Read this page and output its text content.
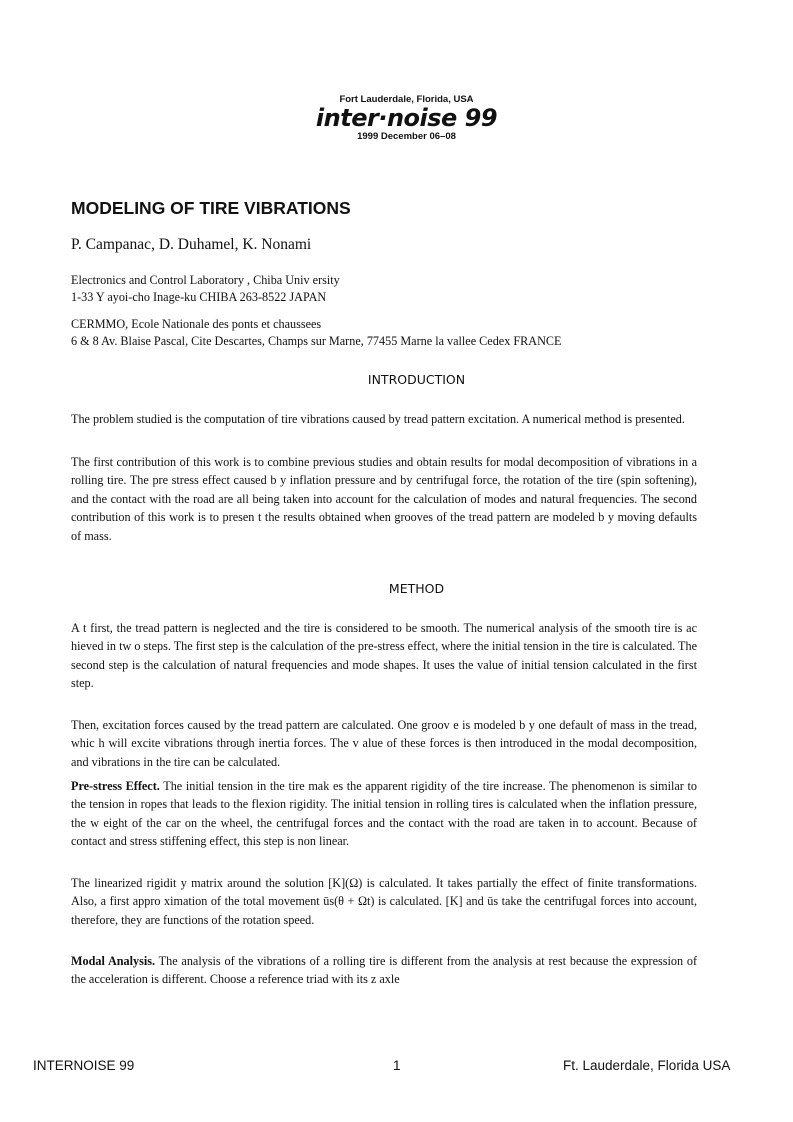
Fort Lauderdale, Florida, USA
inter·noise 99
1999 December 06–08
MODELING OF TIRE VIBRATIONS
P. Campanac, D. Duhamel, K. Nonami
Electronics and Control Laboratory , Chiba Univ ersity
1-33 Y ayoi-cho Inage-ku CHIBA 263-8522 JAPAN
CERMMO, Ecole Nationale des ponts et chaussees
6 & 8 Av. Blaise Pascal, Cite Descartes, Champs sur Marne, 77455 Marne la vallee Cedex FRANCE
INTRODUCTION

The problem studied is the computation of tire vibrations caused by tread pattern excitation. A numerical method is presented.

The first contribution of this work is to combine previous studies and obtain results for modal decomposition of vibrations in a rolling tire. The pre stress effect caused b y inflation pressure and by centrifugal force, the rotation of the tire (spin softening), and the contact with the road are all being taken into account for the calculation of modes and natural frequencies. The second contribution of this work is to presen t the results obtained when grooves of the tread pattern are modeled b y moving defaults of mass.

METHOD

A t first, the tread pattern is neglected and the tire is considered to be smooth. The numerical analysis of the smooth tire is ac hieved in tw o steps. The first step is the calculation of the pre-stress effect, where the initial tension in the tire is calculated. The second step is the calculation of natural frequencies and mode shapes. It uses the value of initial tension calculated in the first step.

Then, excitation forces caused by the tread pattern are calculated. One groov e is modeled b y one default of mass in the tread, whic h will excite vibrations through inertia forces. The v alue of these forces is then introduced in the modal decomposition, and vibrations in the tire can be calculated.

Pre-stress Effect. The initial tension in the tire mak es the apparent rigidity of the tire increase. The phenomenon is similar to the tension in ropes that leads to the flexion rigidity. The initial tension in rolling tires is calculated when the inflation pressure, the w eight of the car on the wheel, the centrifugal forces and the contact with the road are taken in to account. Because of contact and stress stiffening effect, this step is non linear.

The linearized rigidit y matrix around the solution [K](Ω) is calculated. It takes partially the effect of finite transformations. Also, a first appro ximation of the total movement ūs(θ + Ωt) is calculated. [K] and ūs take the centrifugal forces into account, therefore, they are functions of the rotation speed.

Modal Analysis. The analysis of the vibrations of a rolling tire is different from the analysis at rest because the expression of the acceleration is different. Choose a reference triad with its z axle

INTERNOISE 99	1	Ft. Lauderdale, Florida USA
